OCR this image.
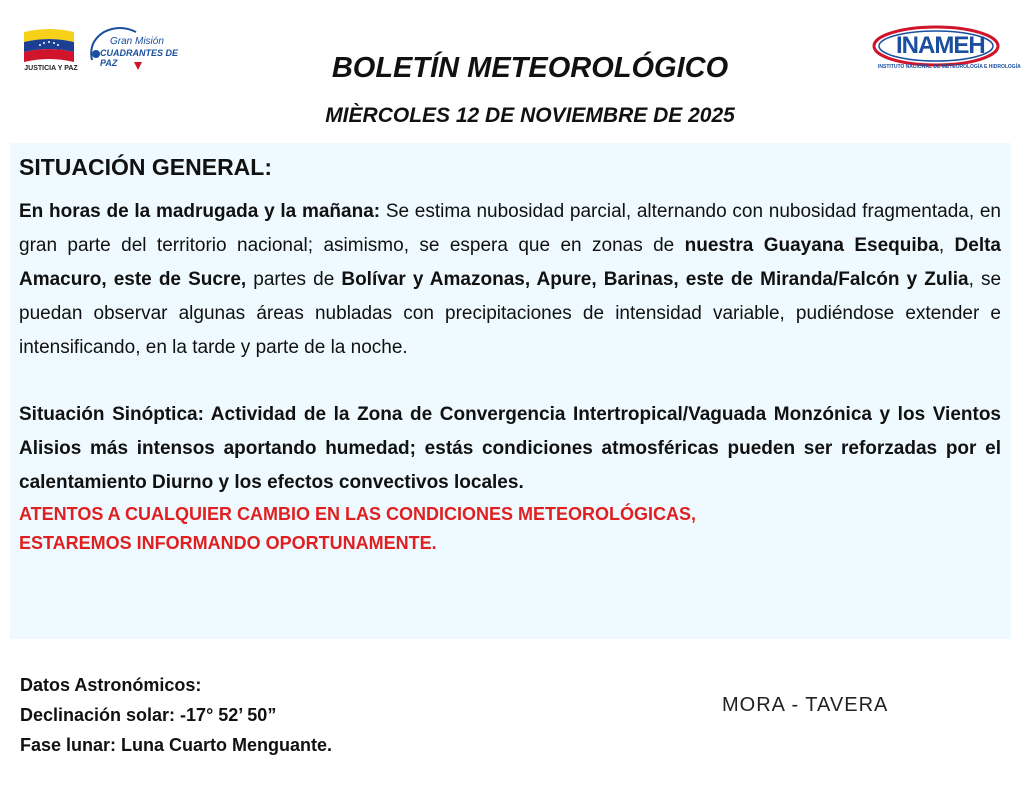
JUSTICIA Y PAZ
Gran Misión
CUADRANTES DE PAZ
INAMEH
INSTITUTO NACIONAL DE METEOROLOGÍA E HIDROLOGÍA
BOLETÍN METEOROLÓGICO
MIÈRCOLES 12 DE NOVIEMBRE DE 2025
SITUACIÓN GENERAL:

En horas de la madrugada y la mañana: Se estima nubosidad parcial, alternando con nubosidad fragmentada, en gran parte del territorio nacional; asimismo, se espera que en zonas de nuestra Guayana Esequiba, Delta Amacuro, este de Sucre, partes de Bolívar y Amazonas, Apure, Barinas, este de Miranda/Falcón y Zulia, se puedan observar algunas áreas nubladas con precipitaciones de intensidad variable, pudiéndose extender e intensificando, en la tarde y parte de la noche.

Situación Sinóptica: Actividad de la Zona de Convergencia Intertropical/Vaguada Monzónica y los Vientos Alisios más intensos aportando humedad; estás condiciones atmosféricas pueden ser reforzadas por el calentamiento Diurno y los efectos convectivos locales.

ATENTOS A CUALQUIER CAMBIO EN LAS CONDICIONES METEOROLÓGICAS,
ESTAREMOS INFORMANDO OPORTUNAMENTE.
Datos Astronómicos:
Declinación solar: -17° 52’ 50”
Fase lunar: Luna Cuarto Menguante.
MORA - TAVERA
